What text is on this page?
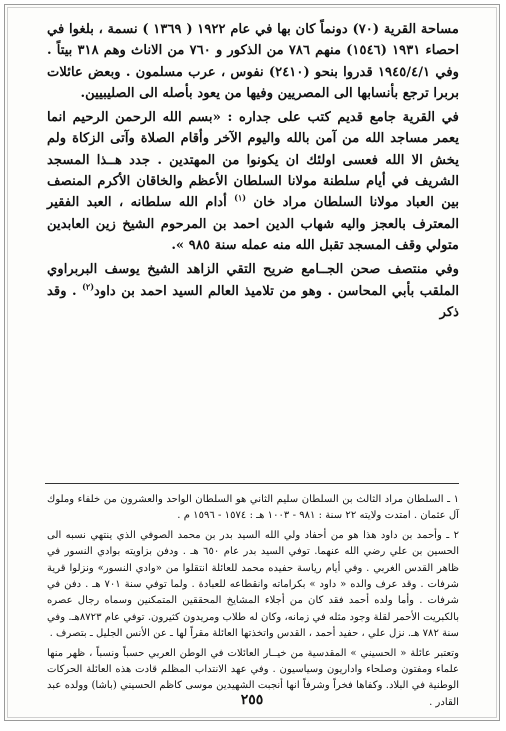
مساحة القرية (٧٠) دونماً كان بها في عام ١٩٢٢ ( ١٣٦٩ ) نسمة ، بلغوا في احصاء ١٩٣١ (١٥٤٦) منهم ٧٨٦ من الذكور و ٧٦٠ من الاناث وهم ٣١٨ بيتاً . وفي ١٩٤٥/٤/١ قدروا بنحو (٢٤١٠) نفوس ، عرب مسلمون . وبعض عائلات بربرا ترجع بأنسابها الى المصريين وفيها من يعود بأصله الى الصليبيين.

في القرية جامع قديم كتب على جداره : «بسم الله الرحمن الرحيم انما يعمر مساجد الله من آمن بالله واليوم الآخر وأقام الصلاة وآتى الزكاة ولم يخش الا الله فعسى اولئك ان يكونوا من المهتدين . جدد هــذا المسجد الشريف في أيام سلطنة مولانا السلطان الأعظم والخاقان الأكرم المنصف بين العباد مولانا السلطان مراد خان $^{(١)}$ أدام الله سلطانه ، العبد الفقير المعترف بالعجز واليه شهاب الدين احمد بن المرحوم الشيخ زين العابدين متولي وقف المسجد تقبل الله منه عمله سنة ٩٨٥ ».

وفي منتصف صحن الجــامع ضريح التقي الزاهد الشيخ يوسف البربراوي الملقب بأبي المحاسن . وهو من تلاميذ العالم السيد احمد بن داود$^{(٢)}$ . وقد ذكر

١ ـ السلطان مراد الثالث بن السلطان سليم الثاني هو السلطان الواحد والعشرون من خلفاء وملوك آل عثمان . امتدت ولايته ٢٢ سنة : ٩٨١ - ١٠٠٣ هـ : ١٥٧٤ - ١٥٩٦ م .

٢ ـ وأحمد بن داود هذا هو من أحفاد ولي الله السيد بدر بن محمد الصوفي الذي ينتهي نسبه الى الحسين بن علي رضي الله عنهما. توفي السيد بدر عام ٦٥٠ هـ . ودفن بزاويته بوادي النسور في ظاهر القدس الغربي . وفي أيام رياسة حفيده محمد للعائلة انتقلوا من «وادي النسور» ونزلوا قرية شرفات . وقد عرف والده « داود » بكراماته وانقطاعه للعبادة . ولما توفي سنة ٧٠١ هـ . دفن في شرفات . وأما ولده أحمد فقد كان من أجلاء المشايخ المحققين المتمكنين وسماه رجال عصره بالكبريت الأحمر لقلة وجود مثله في زمانه، وكان له طلاب ومريدون كثيرون. توفي عام ٨٧٢٣هـ. وفي سنة ٧٨٢ هـ. نزل علي ، حفيد أحمد ، القدس واتخذتها العائلة مقراً لها ـ عن الأنس الجليل ـ بتصرف .

وتعتبر عائلة « الحسيني » المقدسية من خيــار العائلات في الوطن العربي حسباً ونسباً ، ظهر منها علماء ومفتون وصلحاء واداريون وسياسيون . وفي عهد الانتداب المظلم قادت هذه العائلة الحركات الوطنية في البلاد. وكفاها فخراً وشرفاً انها أنجبت الشهيدين موسى كاظم الحسيني (باشا) وولده عبد القادر .

٢٥٥
